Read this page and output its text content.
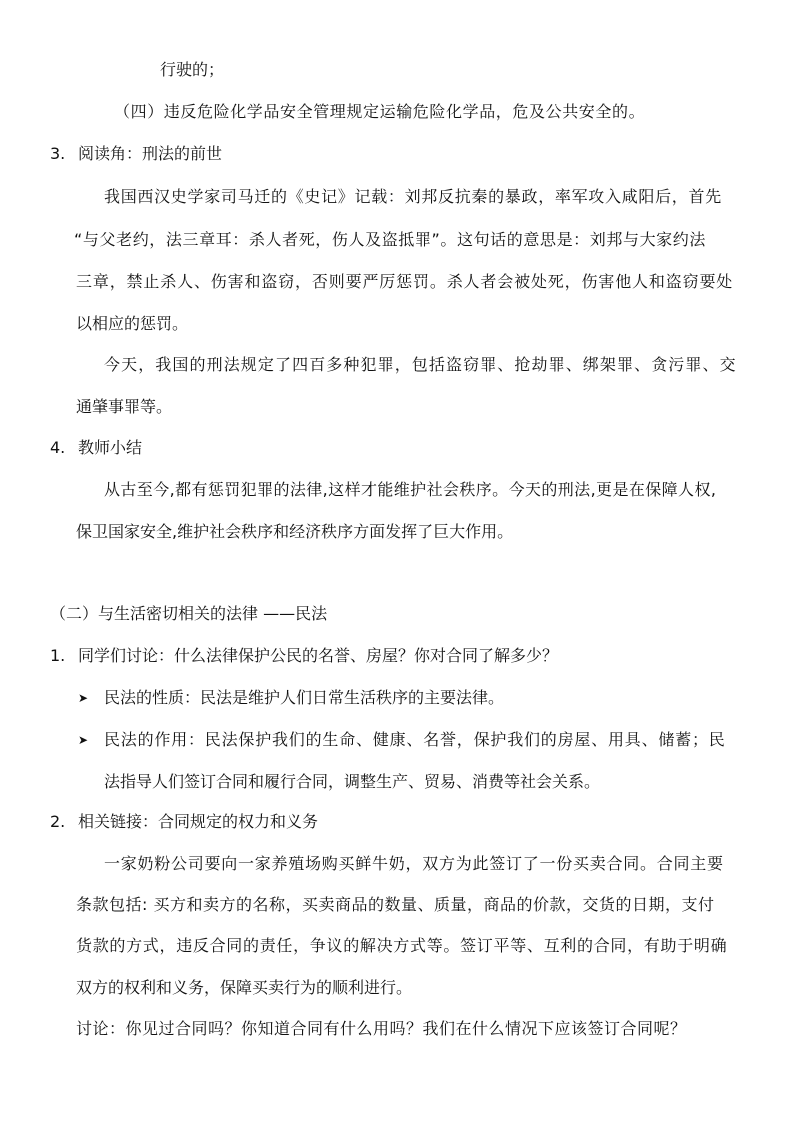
行驶的；
（四）违反危险化学品安全管理规定运输危险化学品，危及公共安全的。
3. 阅读角：刑法的前世
我国西汉史学家司马迁的《史记》记载：刘邦反抗秦的暴政，率军攻入咸阳后，首先
“与父老约，法三章耳：杀人者死，伤人及盗抵罪”。这句话的意思是：刘邦与大家约法
三章，禁止杀人、伤害和盗窃，否则要严厉惩罚。杀人者会被处死，伤害他人和盗窃要处
以相应的惩罚。
今天，我国的刑法规定了四百多种犯罪，包括盗窃罪、抢劫罪、绑架罪、贪污罪、交
通肇事罪等。
4. 教师小结
从古至今,都有惩罚犯罪的法律,这样才能维护社会秩序。今天的刑法,更是在保障人权,
保卫国家安全,维护社会秩序和经济秩序方面发挥了巨大作用。
（二）与生活密切相关的法律 ——民法
1. 同学们讨论：什么法律保护公民的名誉、房屋？你对合同了解多少？
➤ 民法的性质：民法是维护人们日常生活秩序的主要法律。
➤ 民法的作用：民法保护我们的生命、健康、名誉，保护我们的房屋、用具、储蓄；民
法指导人们签订合同和履行合同，调整生产、贸易、消费等社会关系。
2. 相关链接：合同规定的权力和义务
一家奶粉公司要向一家养殖场购买鲜牛奶，双方为此签订了一份买卖合同。合同主要
条款包括: 买方和卖方的名称，买卖商品的数量、质量，商品的价款，交货的日期，支付
货款的方式，违反合同的责任，争议的解决方式等。签订平等、互利的合同，有助于明确
双方的权利和义务，保障买卖行为的顺利进行。
讨论：你见过合同吗？你知道合同有什么用吗？我们在什么情况下应该签订合同呢？
